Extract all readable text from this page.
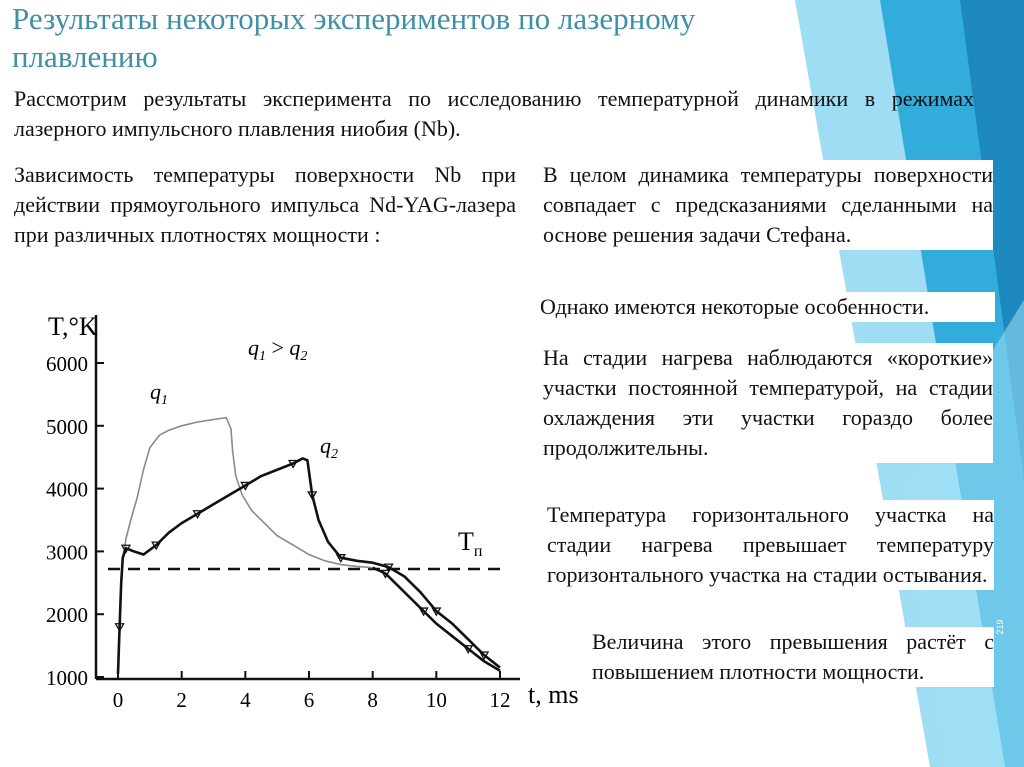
Результаты некоторых экспериментов по лазерному плавлению
Рассмотрим результаты эксперимента по исследованию температурной динамики в режимах лазерного импульсного плавления ниобия (Nb).
Зависимость температуры поверхности Nb при действии прямоугольного импульса Nd-YAG-лазера при различных плотностях мощности :
В целом динамика температуры поверхности совпадает с предсказаниями сделанными на основе решения задачи Стефана.
Однако имеются некоторые особенности.
На стадии нагрева наблюдаются «короткие» участки постоянной температурой, на стадии охлаждения эти участки гораздо более продолжительны.
Температура горизонтального участка на стадии нагрева превышает температуру горизонтального участка на стадии остывания.
Величина этого превышения растёт с повышением плотности мощности.
219
1000
2000
3000
4000
5000
6000
0	2	4	6	8 10 12
T,°K
t, ms
$q_1 > q_2$
$q_1$
$q_2$
$T_п$
